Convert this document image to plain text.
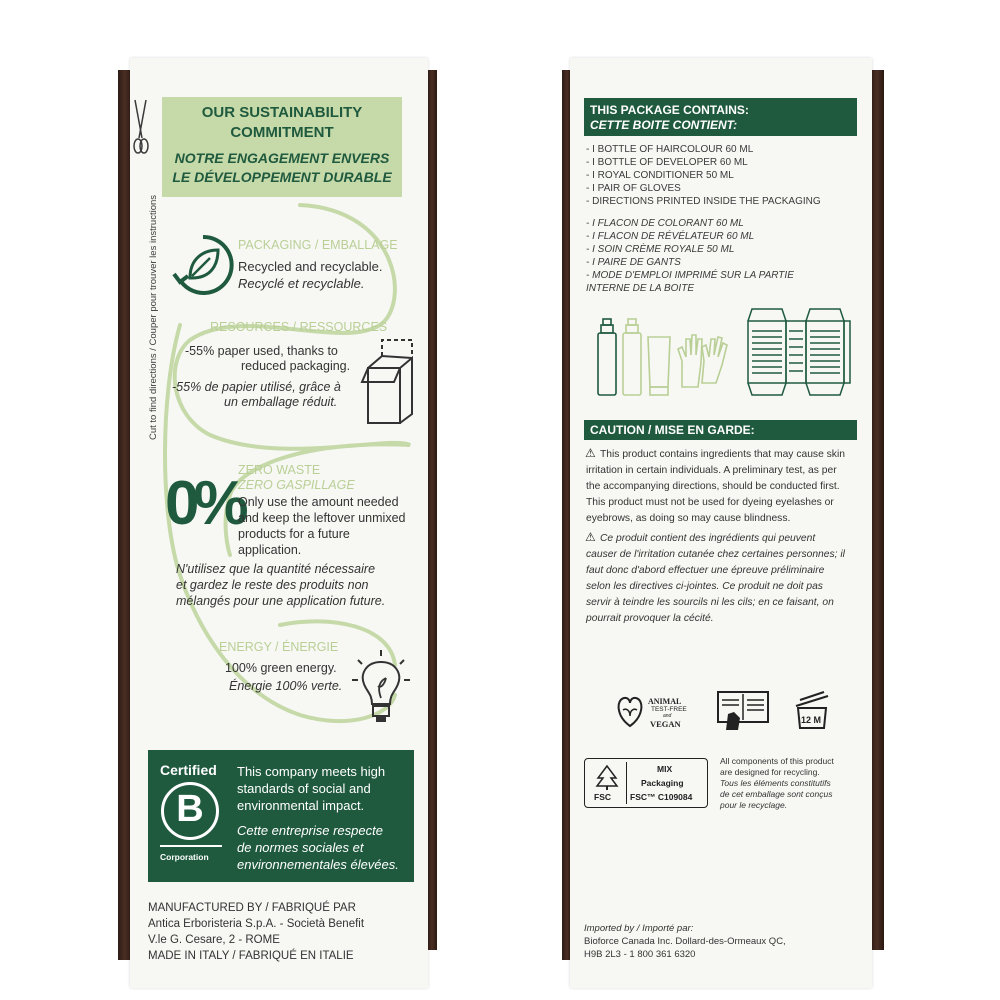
Cut to find directions / Couper pour trouver les instructions
OUR SUSTAINABILITY
COMMITMENT
NOTRE ENGAGEMENT ENVERS
LE DÉVELOPPEMENT DURABLE
PACKAGING / EMBALLAGE
Recycled and recyclable.
Recyclé et recyclable.
RESOURCES / RESSOURCES
-55% paper used, thanks to
reduced packaging.
-55% de papier utilisé, grâce à
un emballage réduit.
ZERO WASTE
ZERO GASPILLAGE
0%
Only use the amount needed
and keep the leftover unmixed
products for a future
application.
N'utilisez que la quantité nécessaire
et gardez le reste des produits non
mélangés pour une application future.
ENERGY / ÉNERGIE
100% green energy.
Énergie 100% verte.
Certified
B
Corporation
This company meets high
standards of social and
environmental impact.
Cette entreprise respecte
de normes sociales et
environnementales élevées.
MANUFACTURED BY / FABRIQUÉ PAR
Antica Erboristeria S.p.A. - Società Benefit
V.le G. Cesare, 2 - ROME
MADE IN ITALY / FABRIQUÉ EN ITALIE
THIS PACKAGE CONTAINS:
CETTE BOITE CONTIENT:
- I BOTTLE OF HAIRCOLOUR 60 ML
- I BOTTLE OF DEVELOPER 60 ML
- I ROYAL CONDITIONER 50 ML
- I PAIR OF GLOVES
- DIRECTIONS PRINTED INSIDE THE PACKAGING
- I FLACON DE COLORANT 60 ML
- I FLACON DE RÉVÉLATEUR 60 ML
- I SOIN CRÈME ROYALE 50 ML
- I PAIRE DE GANTS
- MODE D'EMPLOI IMPRIMÉ SUR LA PARTIE
INTERNE DE LA BOITE
CAUTION / MISE EN GARDE:
⚠ This product contains ingredients that may cause skin
irritation in certain individuals. A preliminary test, as per
the accompanying directions, should be conducted first.
This product must not be used for dyeing eyelashes or
eyebrows, as doing so may cause blindness.
⚠ Ce produit contient des ingrédients qui peuvent
causer de l'irritation cutanée chez certaines personnes; il
faut donc d'abord effectuer une épreuve préliminaire
selon les directives ci-jointes. Ce produit ne doit pas
servir à teindre les sourcils ni les cils; en ce faisant, on
pourrait provoquer la cécité.
ANIMAL
TEST-FREE
and
VEGAN	12 M
FSC
MIX
Packaging
FSC™ C109084
All components of this product
are designed for recycling.
Tous les éléments constitutifs
de cet emballage sont conçus
pour le recyclage.
Imported by / Importé par:
Bioforce Canada Inc. Dollard-des-Ormeaux QC,
H9B 2L3 - 1 800 361 6320
